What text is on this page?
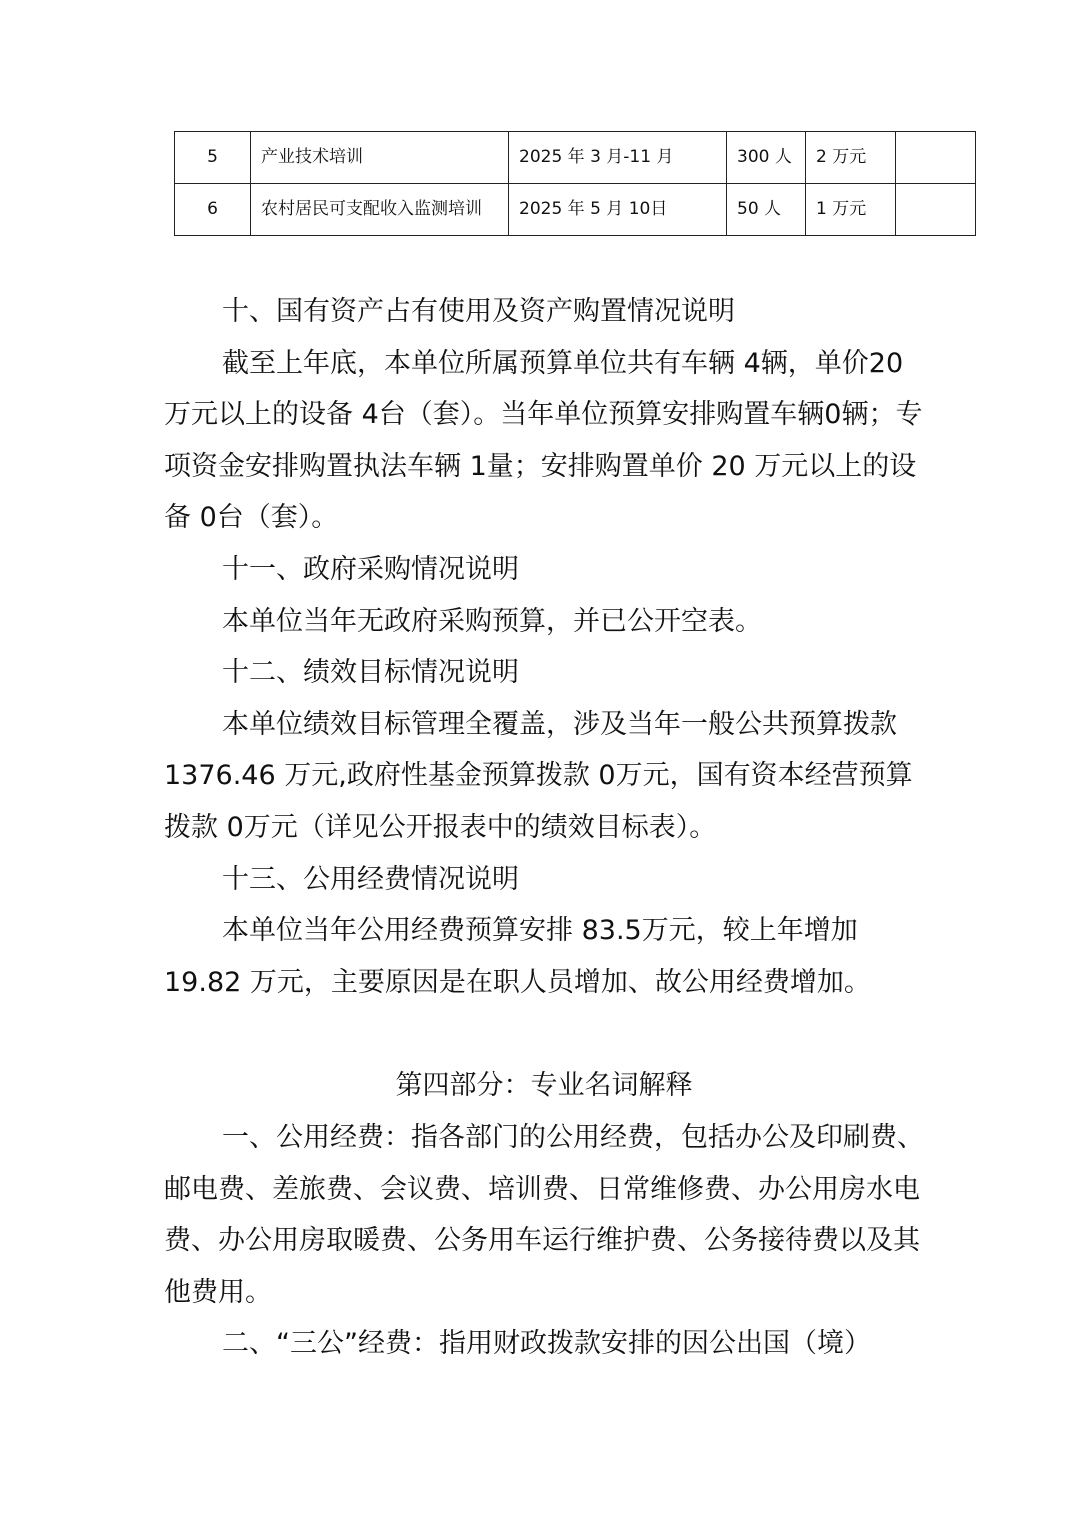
5	产业技术培训	2025 年 3 月-11 月	300 人	2 万元	
6	农村居民可支配收入监测培训	2025 年 5 月 10日	50 人	1 万元	

十、国有资产占有使用及资产购置情况说明

截至上年底，本单位所属预算单位共有车辆 4辆，单价20 万元以上的设备 4台（套）。当年单位预算安排购置车辆0辆；专项资金安排购置执法车辆 1量；安排购置单价 20 万元以上的设备 0台（套）。

十一、政府采购情况说明

本单位当年无政府采购预算，并已公开空表。

十二、绩效目标情况说明

本单位绩效目标管理全覆盖，涉及当年一般公共预算拨款 1376.46 万元,政府性基金预算拨款 0万元，国有资本经营预算拨款 0万元（详见公开报表中的绩效目标表）。

十三、公用经费情况说明

本单位当年公用经费预算安排 83.5万元，较上年增加19.82 万元，主要原因是在职人员增加、故公用经费增加。

第四部分：专业名词解释

一、公用经费：指各部门的公用经费，包括办公及印刷费、邮电费、差旅费、会议费、培训费、日常维修费、办公用房水电费、办公用房取暖费、公务用车运行维护费、公务接待费以及其他费用。

二、“三公”经费：指用财政拨款安排的因公出国（境）
